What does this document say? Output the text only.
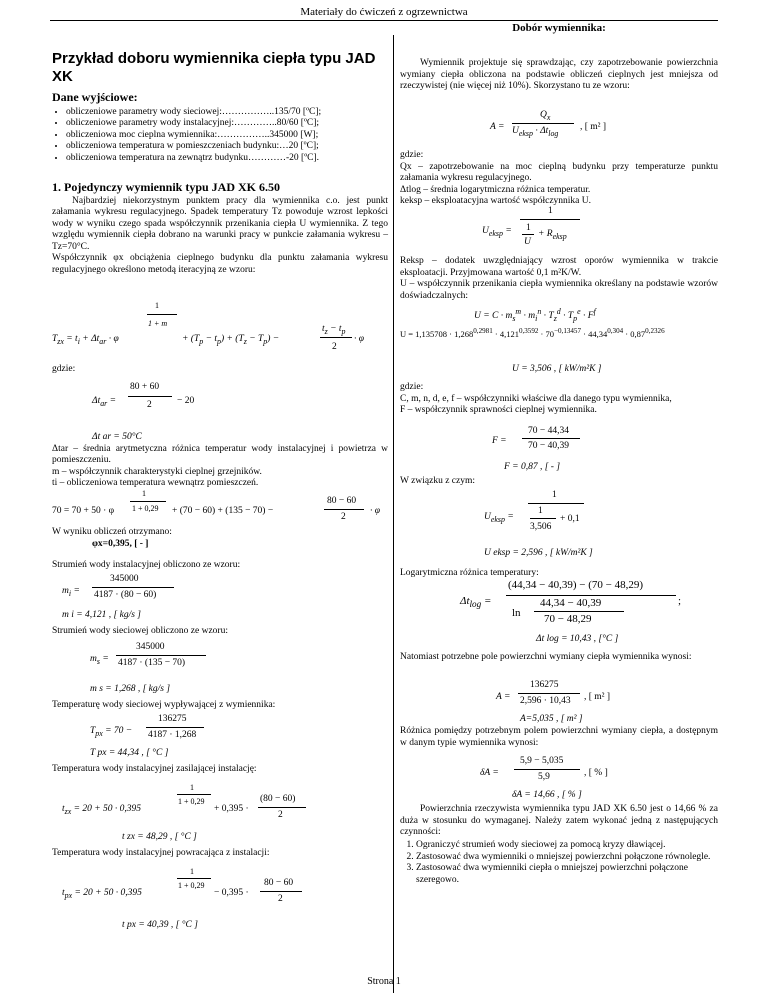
Materiały do ćwiczeń z ogrzewnictwa
Dobór wymiennika:
Przykład doboru wymiennika ciepła typu JAD XK
Dane wyjściowe:
• obliczeniowe parametry wody sieciowej:……………..135/70 [ºC];
• obliczeniowe parametry wody instalacyjnej:…………..80/60 [ºC];
• obliczeniowa moc cieplna wymiennika:……………..345000 [W];
• obliczeniowa temperatura w pomieszczeniach budynku:…20 [ºC];
• obliczeniowa temperatura na zewnątrz budynku…………-20 [ºC].
1. Pojedynczy wymiennik typu JAD XK 6.50
Najbardziej niekorzystnym punktem pracy dla wymiennika c.o. jest punkt załamania wykresu regulacyjnego. Spadek temperatury Tz powoduje wzrost lepkości wody w wyniku czego spada współczynnik przenikania ciepła U wymiennika. Z tego względu wymiennik ciepła dobrano na warunki pracy w punkcie załamania wykresu – Tz=70°C.
Współczynnik φx obciążenia cieplnego budynku dla punktu załamania wykresu regulacyjnego określono metodą iteracyjną ze wzoru:
$T_{zx} = t_i + \Delta t_{ar} \cdot \varphi$
1
1 + m
+ $(T_p - t_p) + (T_z - T_p)$ −
$t_z - t_p$
2
· φ
gdzie:
$\Delta t_{ar}$ =
80 + 60
2	− 20
Δt ar = 50°C
Δtar – średnia arytmetyczna różnica temperatur wody instalacyjnej i powietrza w pomieszczeniu.
m – współczynnik charakterystyki cieplnej grzejników.
ti – obliczeniowa temperatura wewnątrz pomieszczeń.
70 = 70 + 50 · φ
1
1 + 0,29 + (70 − 60) + (135 − 70) −
80 − 60
2
· φ
W wyniku obliczeń otrzymano:
φx=0,395, [ - ]
Strumień wody instalacyjnej obliczono ze wzoru:
$m_i$ =
345000
4187 · (80 − 60)
m i = 4,121 , [ kg/s ]
Strumień wody sieciowej obliczono ze wzoru:
$m_s$ =
345000
4187 · (135 − 70)
m s = 1,268 , [ kg/s ]
Temperaturę wody sieciowej wypływającej z wymiennika:
$T_{px} = 70$ −
136275
4187 · 1,268
T px = 44,34 , [ °C ]
Temperatura wody instalacyjnej zasilającej instalację:
$t_{zx} = 20 + 50 \cdot 0,395$
1
1 + 0,29
+ 0,395 ·
(80 − 60)
2
t zx = 48,29 , [ °C ]
Temperatura wody instalacyjnej powracająca z instalacji:
$t_{px} = 20 + 50 \cdot 0,395$
1
1 + 0,29
− 0,395 ·
80 − 60
2
t px = 40,39 , [ °C ]
Wymiennik projektuje się sprawdzając, czy zapotrzebowanie powierzchnia wymiany ciepła obliczona na podstawie obliczeń cieplnych jest mniejsza od rzeczywistej (nie więcej niż 10%). Skorzystano tu ze wzoru:
A =
$Q_x$
$U_{eksp} \cdot \Delta t_{log}$
, [ m² ]
gdzie:
Qx – zapotrzebowanie na moc cieplną budynku przy temperaturze punktu załamania wykresu regulacyjnego.
Δtlog – średnia logarytmiczna różnica temperatur.
keksp – eksploatacyjna wartość współczynnika U.
$U_{eksp}$ =
1
1
U
+ $R_{eksp}$
Reksp – dodatek uwzględniający wzrost oporów wymiennika w trakcie eksploatacji. Przyjmowana wartość 0,1 m²K/W.
U – współczynnik przenikania ciepła wymiennika określany na podstawie wzorów doświadczalnych:
$U = C \cdot m_s^m \cdot m_i^n \cdot T_z^d \cdot T_p^e \cdot F^f$
$U = 1,135708 \cdot 1,268^{0,2981} \cdot 4,121^{0,3592} \cdot 70^{-0,13457} \cdot 44,34^{0,304} \cdot 0,87^{0,2326}$
U = 3,506 , [ kW/m²K ]
gdzie:
C, m, n, d, e, f – współczynniki właściwe dla danego typu wymiennika,
F – współczynnik sprawności cieplnej wymiennika.
F =
70 − 44,34
70 − 40,39
F = 0,87 , [ - ]
W związku z czym:
$U_{eksp}$ =
1
1
3,506
+ 0,1
U eksp = 2,596 , [ kW/m²K ]
Logarytmiczna różnica temperatury:
$\Delta t_{log}$ =
(44,34 − 40,39) − (70 − 48,29)
ln
44,34 − 40,39
70 − 48,29
;
Δt log = 10,43 , [°C ]
Natomiast potrzebne pole powierzchni wymiany ciepła wymiennika wynosi:
A =
136275
2,596 · 10,43 , [ m² ]
A=5,035 , [ m² ]
Różnica pomiędzy potrzebnym polem powierzchni wymiany ciepła, a dostępnym w danym typie wymiennika wynosi:
δA =
5,9 − 5,035
5,9	, [ % ]
δA = 14,66 , [ % ]
Powierzchnia rzeczywista wymiennika typu JAD XK 6.50 jest o 14,66 % za duża w stosunku do wymaganej. Należy zatem wykonać jedną z następujących czynności:
1. Ograniczyć strumień wody sieciowej za pomocą kryzy dławiącej.
2. Zastosować dwa wymienniki o mniejszej powierzchni połączone równolegle.
3. Zastosować dwa wymienniki ciepła o mniejszej powierzchni połączone szeregowo.
Strona 1
